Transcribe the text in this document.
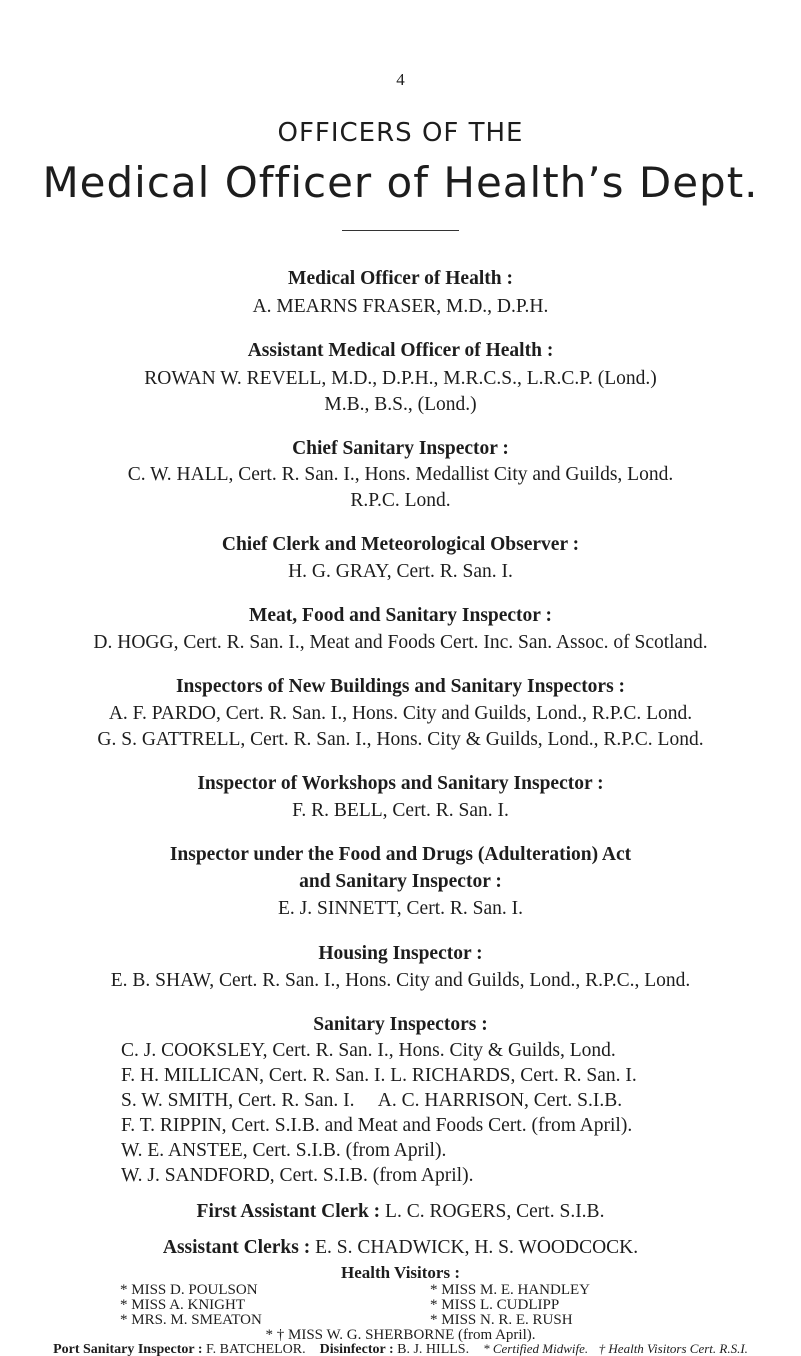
4
OFFICERS OF THE
Medical Officer of Health’s Dept.
Medical Officer of Health :
A. MEARNS FRASER, M.D., D.P.H.
Assistant Medical Officer of Health :
ROWAN W. REVELL, M.D., D.P.H., M.R.C.S., L.R.C.P. (Lond.)
M.B., B.S., (Lond.)
Chief Sanitary Inspector :
C. W. HALL, Cert. R. San. I., Hons. Medallist City and Guilds, Lond.
R.P.C. Lond.
Chief Clerk and Meteorological Observer :
H. G. GRAY, Cert. R. San. I.
Meat, Food and Sanitary Inspector :
D. HOGG, Cert. R. San. I., Meat and Foods Cert. Inc. San. Assoc. of Scotland.
Inspectors of New Buildings and Sanitary Inspectors :
A. F. PARDO, Cert. R. San. I., Hons. City and Guilds, Lond., R.P.C. Lond.
G. S. GATTRELL, Cert. R. San. I., Hons. City & Guilds, Lond., R.P.C. Lond.
Inspector of Workshops and Sanitary Inspector :
F. R. BELL, Cert. R. San. I.
Inspector under the Food and Drugs (Adulteration) Act
and Sanitary Inspector :
E. J. SINNETT, Cert. R. San. I.
Housing Inspector :
E. B. SHAW, Cert. R. San. I., Hons. City and Guilds, Lond., R.P.C., Lond.
Sanitary Inspectors :
C. J. COOKSLEY, Cert. R. San. I., Hons. City & Guilds, Lond.
F. H. MILLICAN, Cert. R. San. I. L. RICHARDS, Cert. R. San. I.
S. W. SMITH, Cert. R. San. I.     A. C. HARRISON, Cert. S.I.B.
F. T. RIPPIN, Cert. S.I.B. and Meat and Foods Cert. (from April).
W. E. ANSTEE, Cert. S.I.B. (from April).
W. J. SANDFORD, Cert. S.I.B. (from April).
First Assistant Clerk : L. C. ROGERS, Cert. S.I.B.
Assistant Clerks : E. S. CHADWICK, H. S. WOODCOCK.
Health Visitors :
* MISS D. POULSON	* MISS M. E. HANDLEY
* MISS A. KNIGHT	* MISS L. CUDLIPP
* MRS. M. SMEATON	* MISS N. R. E. RUSH
* † MISS W. G. SHERBORNE (from April).
Port Sanitary Inspector : F. BATCHELOR. Disinfector : B. J. HILLS. * Certified Midwife. † Health Visitors Cert. R.S.I.
